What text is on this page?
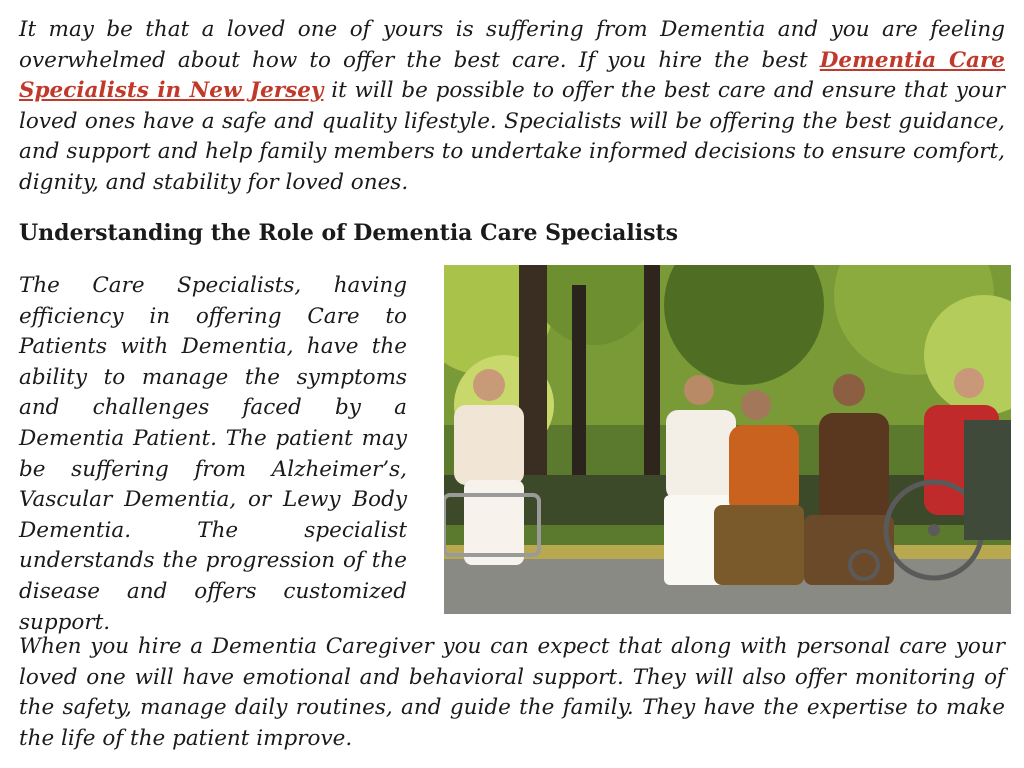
It may be that a loved one of yours is suffering from Dementia and you are feeling overwhelmed about how to offer the best care. If you hire the best Dementia Care Specialists in New Jersey it will be possible to offer the best care and ensure that your loved ones have a safe and quality lifestyle. Specialists will be offering the best guidance, and support and help family members to undertake informed decisions to ensure comfort, dignity, and stability for loved ones.

Understanding the Role of Dementia Care Specialists

The Care Specialists, having efficiency in offering Care to Patients with Dementia, have the ability to manage the symptoms and challenges faced by a Dementia Patient. The patient may be suffering from Alzheimer’s, Vascular Dementia, or Lewy Body Dementia. The specialist understands the progression of the disease and offers customized support.

When you hire a Dementia Caregiver you can expect that along with personal care your loved one will have emotional and behavioral support. They will also offer monitoring of the safety, manage daily routines, and guide the family. They have the expertise to make the life of the patient improve.
